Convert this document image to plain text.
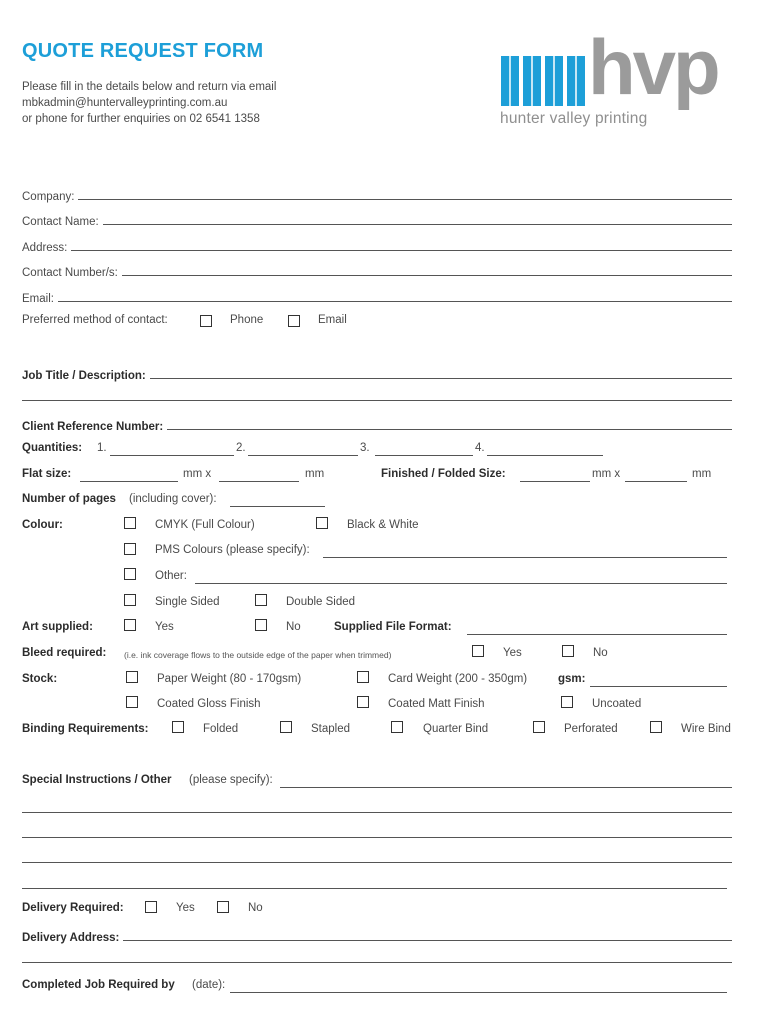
QUOTE REQUEST FORM
Please fill in the details below and return via email
mbkadmin@huntervalleyprinting.com.au
or phone for further enquiries on 02 6541 1358
hvp
hunter valley printing
Company:
Contact Name:
Address:
Contact Number/s:
Email:
Preferred method of contact:	Phone	Email
Job Title / Description:
Client Reference Number:
Quantities: 1.	2.	3.	4.
Flat size:	mm x	mm	Finished / Folded Size:	mm x	mm
Number of pages (including cover):
Colour:	CMYK (Full Colour)	Black & White
PMS Colours (please specify):
Other:
Single Sided	Double Sided
Art supplied:	Yes	No	Supplied File Format:
Bleed required: (i.e. ink coverage flows to the outside edge of the paper when trimmed)	Yes	No
Stock:	Paper Weight (80 - 170gsm)	Card Weight (200 - 350gm)	gsm:
Coated Gloss Finish	Coated Matt Finish	Uncoated
Binding Requirements:	Folded	Stapled	Quarter Bind	Perforated	Wire Bind
Special Instructions / Other (please specify):
Delivery Required:	Yes	No
Delivery Address:
Completed Job Required by (date):
